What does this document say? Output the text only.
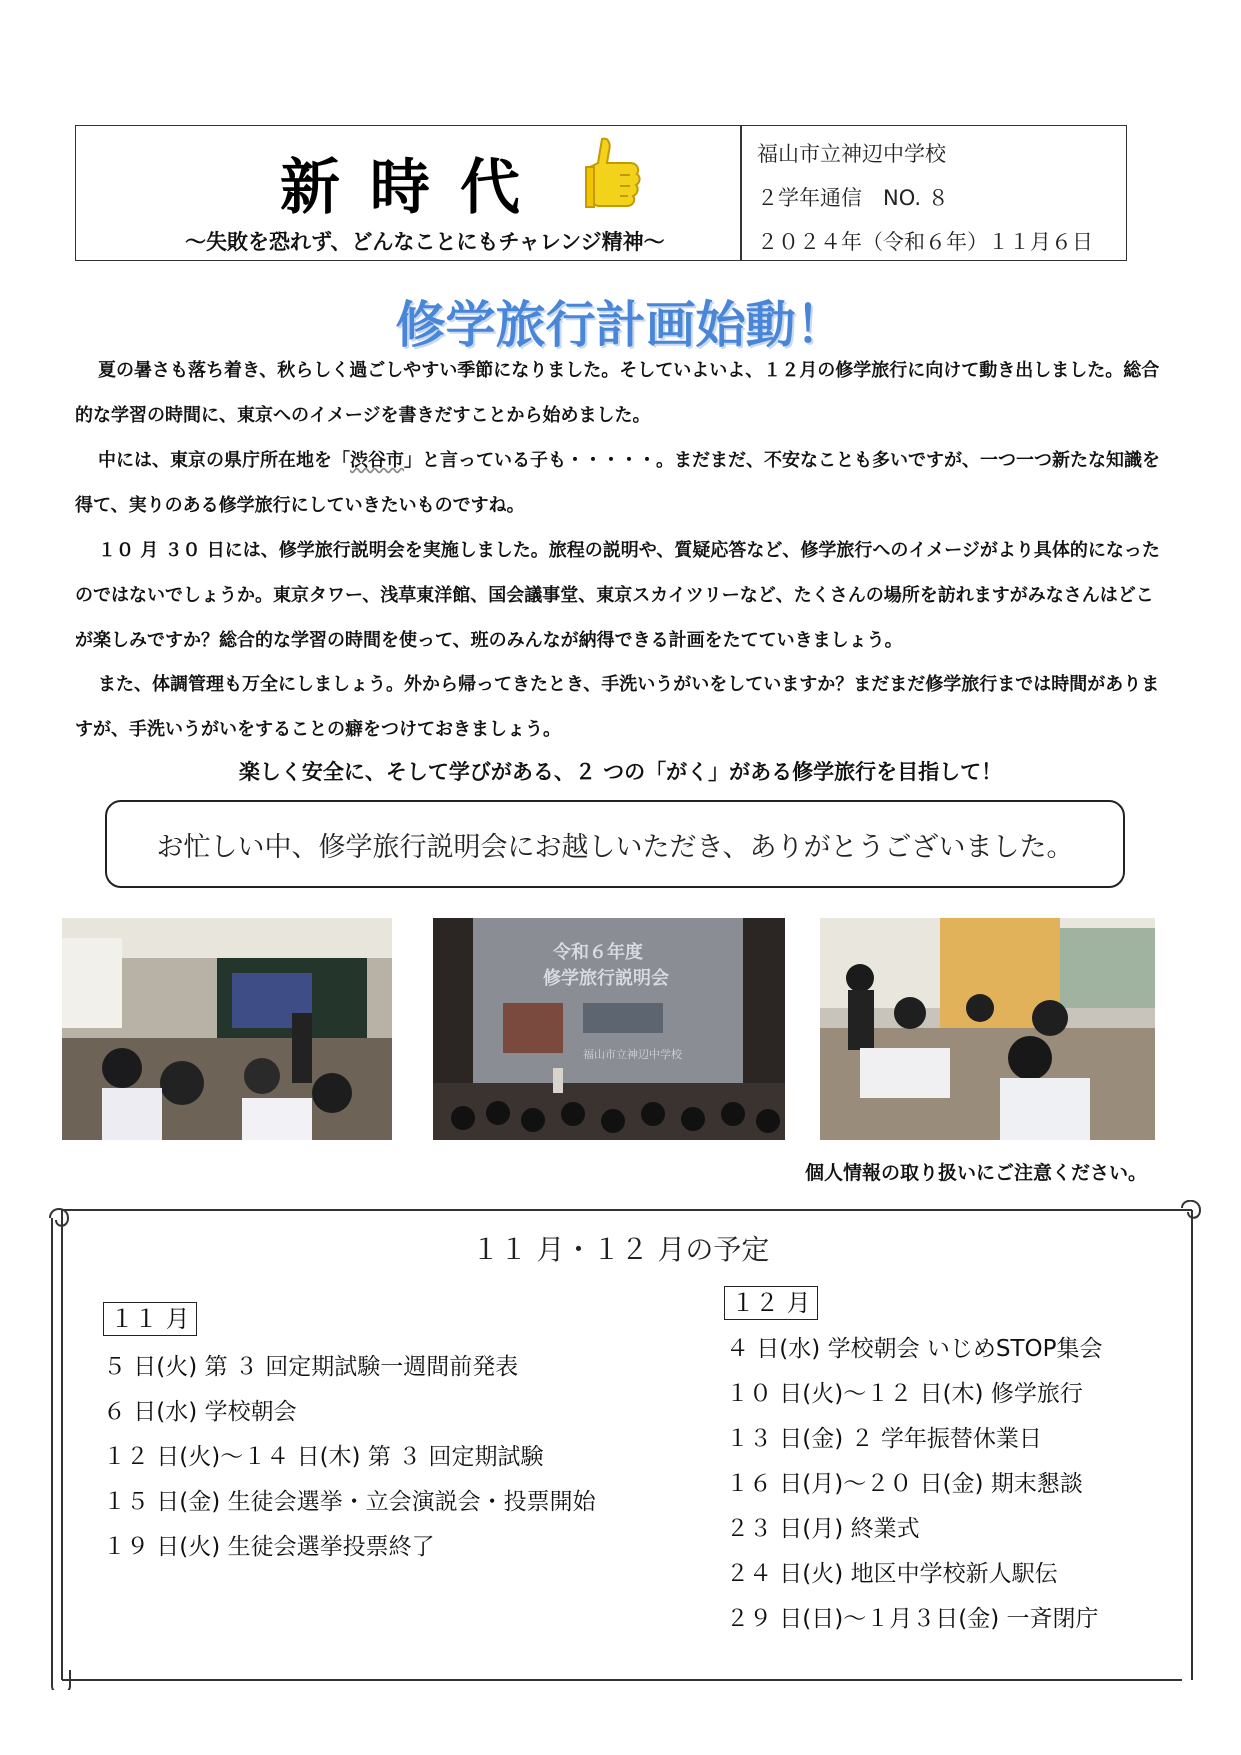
新時代
～失敗を恐れず、どんなことにもチャレンジ精神～
福山市立神辺中学校
２学年通信　NO. ８
２０２４年（令和６年）１１月６日
修学旅行計画始動！
夏の暑さも落ち着き、秋らしく過ごしやすい季節になりました。そしていよいよ、１２月の修学旅行に向けて動き出しました。総合的な学習の時間に、東京へのイメージを書きだすことから始めました。
中には、東京の県庁所在地を「渋谷市」と言っている子も・・・・・。まだまだ、不安なことも多いですが、一つ一つ新たな知識を得て、実りのある修学旅行にしていきたいものですね。
１０ 月 ３０ 日には、修学旅行説明会を実施しました。旅程の説明や、質疑応答など、修学旅行へのイメージがより具体的になったのではないでしょうか。東京タワー、浅草東洋館、国会議事堂、東京スカイツリーなど、たくさんの場所を訪れますがみなさんはどこが楽しみですか？総合的な学習の時間を使って、班のみんなが納得できる計画をたてていきましょう。
また、体調管理も万全にしましょう。外から帰ってきたとき、手洗いうがいをしていますか？まだまだ修学旅行までは時間がありますが、手洗いうがいをすることの癖をつけておきましょう。
楽しく安全に、そして学びがある、２ つの「がく」がある修学旅行を目指して！
お忙しい中、修学旅行説明会にお越しいただき、ありがとうございました。
令和６年度
修学旅行説明会
福山市立神辺中学校
個人情報の取り扱いにご注意ください。
１１ 月・１２ 月の予定
１１ 月
５ 日(火) 第 ３ 回定期試験一週間前発表
６ 日(水) 学校朝会
１２ 日(火)～１４ 日(木) 第 ３ 回定期試験
１５ 日(金) 生徒会選挙・立会演説会・投票開始
１９ 日(火) 生徒会選挙投票終了
１２ 月
４ 日(水) 学校朝会 いじめSTOP集会
１０ 日(火)～１２ 日(木) 修学旅行
１３ 日(金) ２ 学年振替休業日
１６ 日(月)～２０ 日(金) 期末懇談
２３ 日(月) 終業式
２４ 日(火) 地区中学校新人駅伝
２９ 日(日)～１月３日(金) 一斉閉庁
